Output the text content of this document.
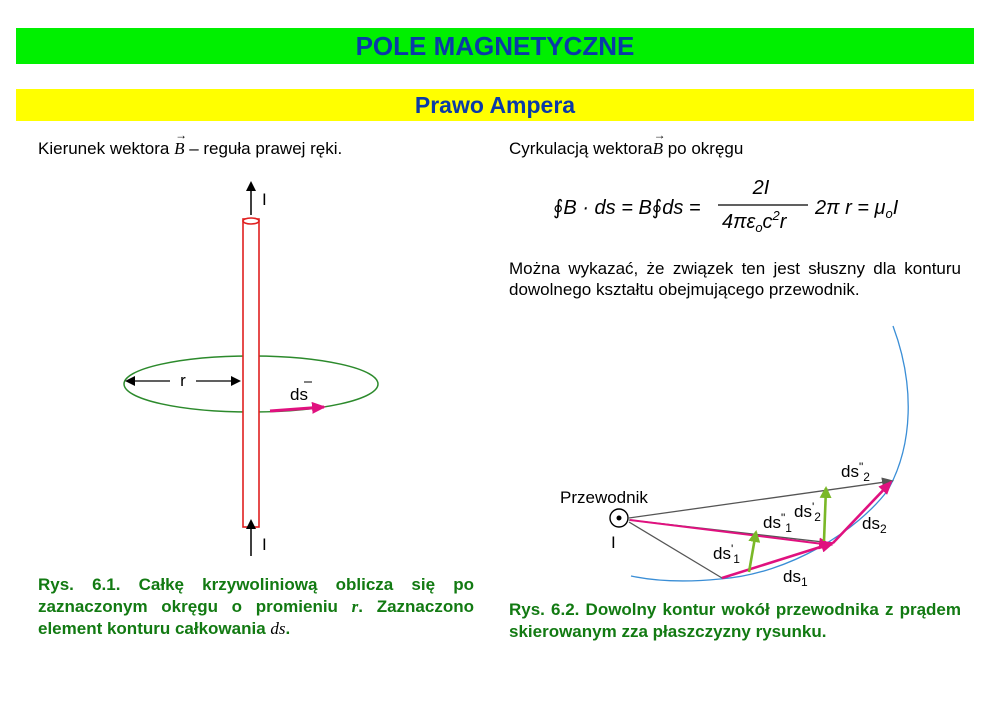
POLE MAGNETYCZNE
Prawo Ampera
Kierunek wektora → B – reguła prawej ręki.	Cyrkulacją wektora→ B po okręgu
Można wykazać, że związek ten jest słuszny dla konturu dowolnego kształtu obejmującego przewodnik.
∮B · ds = B∮ds =
2I
$4\pi\varepsilon_oc^2r$
2π $r = \mu_oI$
I
I
r
ds
Przewodnik
I
$ds'_1$
$ds^"_1$
$ds_1$
$ds'_2$
$ds^"_2$
$ds_2$
Rys. 6.1. Całkę krzywoliniową oblicza się po zaznaczonym okręgu o promieniu r. Zaznaczono element konturu całkowania ds.
Rys. 6.2. Dowolny kontur wokół przewodnika z prądem skierowanym zza płaszczyzny rysunku.
